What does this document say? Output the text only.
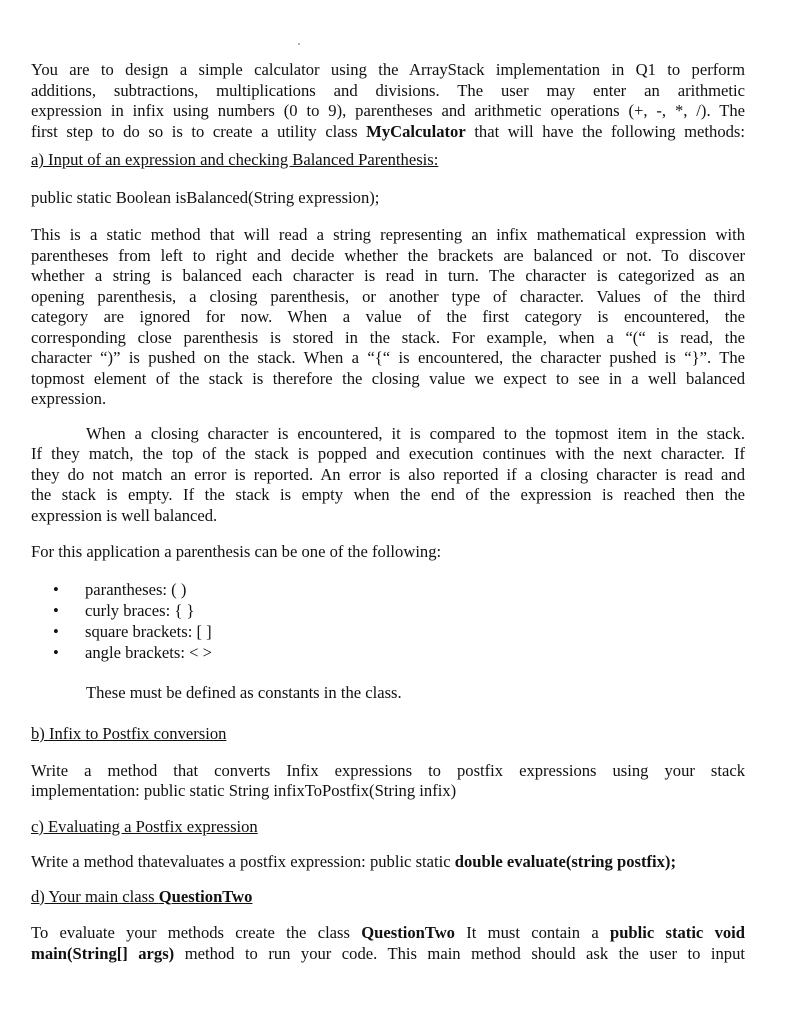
You are to design a simple calculator using the ArrayStack implementation in Q1 to perform

additions, subtractions, multiplications and divisions. The user may enter an arithmetic

expression in infix using numbers (0 to 9), parentheses and arithmetic operations (+, -, *, /). The

first step to do so is to create a utility class MyCalculator that will have the following methods:

a) Input of an expression and checking Balanced Parenthesis:

public static Boolean isBalanced(String expression);

This is a static method that will read a string representing an infix mathematical expression with

parentheses from left to right and decide whether the brackets are balanced or not. To discover

whether a string is balanced each character is read in turn. The character is categorized as an

opening parenthesis, a closing parenthesis, or another type of character. Values of the third

category are ignored for now. When a value of the first category is encountered, the

corresponding close parenthesis is stored in the stack. For example, when a “(“ is read, the

character “)” is pushed on the stack. When a “{“ is encountered, the character pushed is “}”. The

topmost element of the stack is therefore the closing value we expect to see in a well balanced

expression.

When a closing character is encountered, it is compared to the topmost item in the stack.

If they match, the top of the stack is popped and execution continues with the next character. If

they do not match an error is reported. An error is also reported if a closing character is read and

the stack is empty. If the stack is empty when the end of the expression is reached then the

expression is well balanced.

For this application a parenthesis can be one of the following:

• parantheses: ( )
• curly braces: { }
• square brackets: [ ]
• angle brackets: < >

These must be defined as constants in the class.

b) Infix to Postfix conversion

Write a method that converts Infix expressions to postfix expressions using your stack

implementation: public static String infixToPostfix(String infix)

c) Evaluating a Postfix expression

Write a method thatevaluates a postfix expression: public static double evaluate(string postfix);

d) Your main class QuestionTwo

To evaluate your methods create the class QuestionTwo It must contain a public static void

main(String[] args) method to run your code. This main method should ask the user to input
